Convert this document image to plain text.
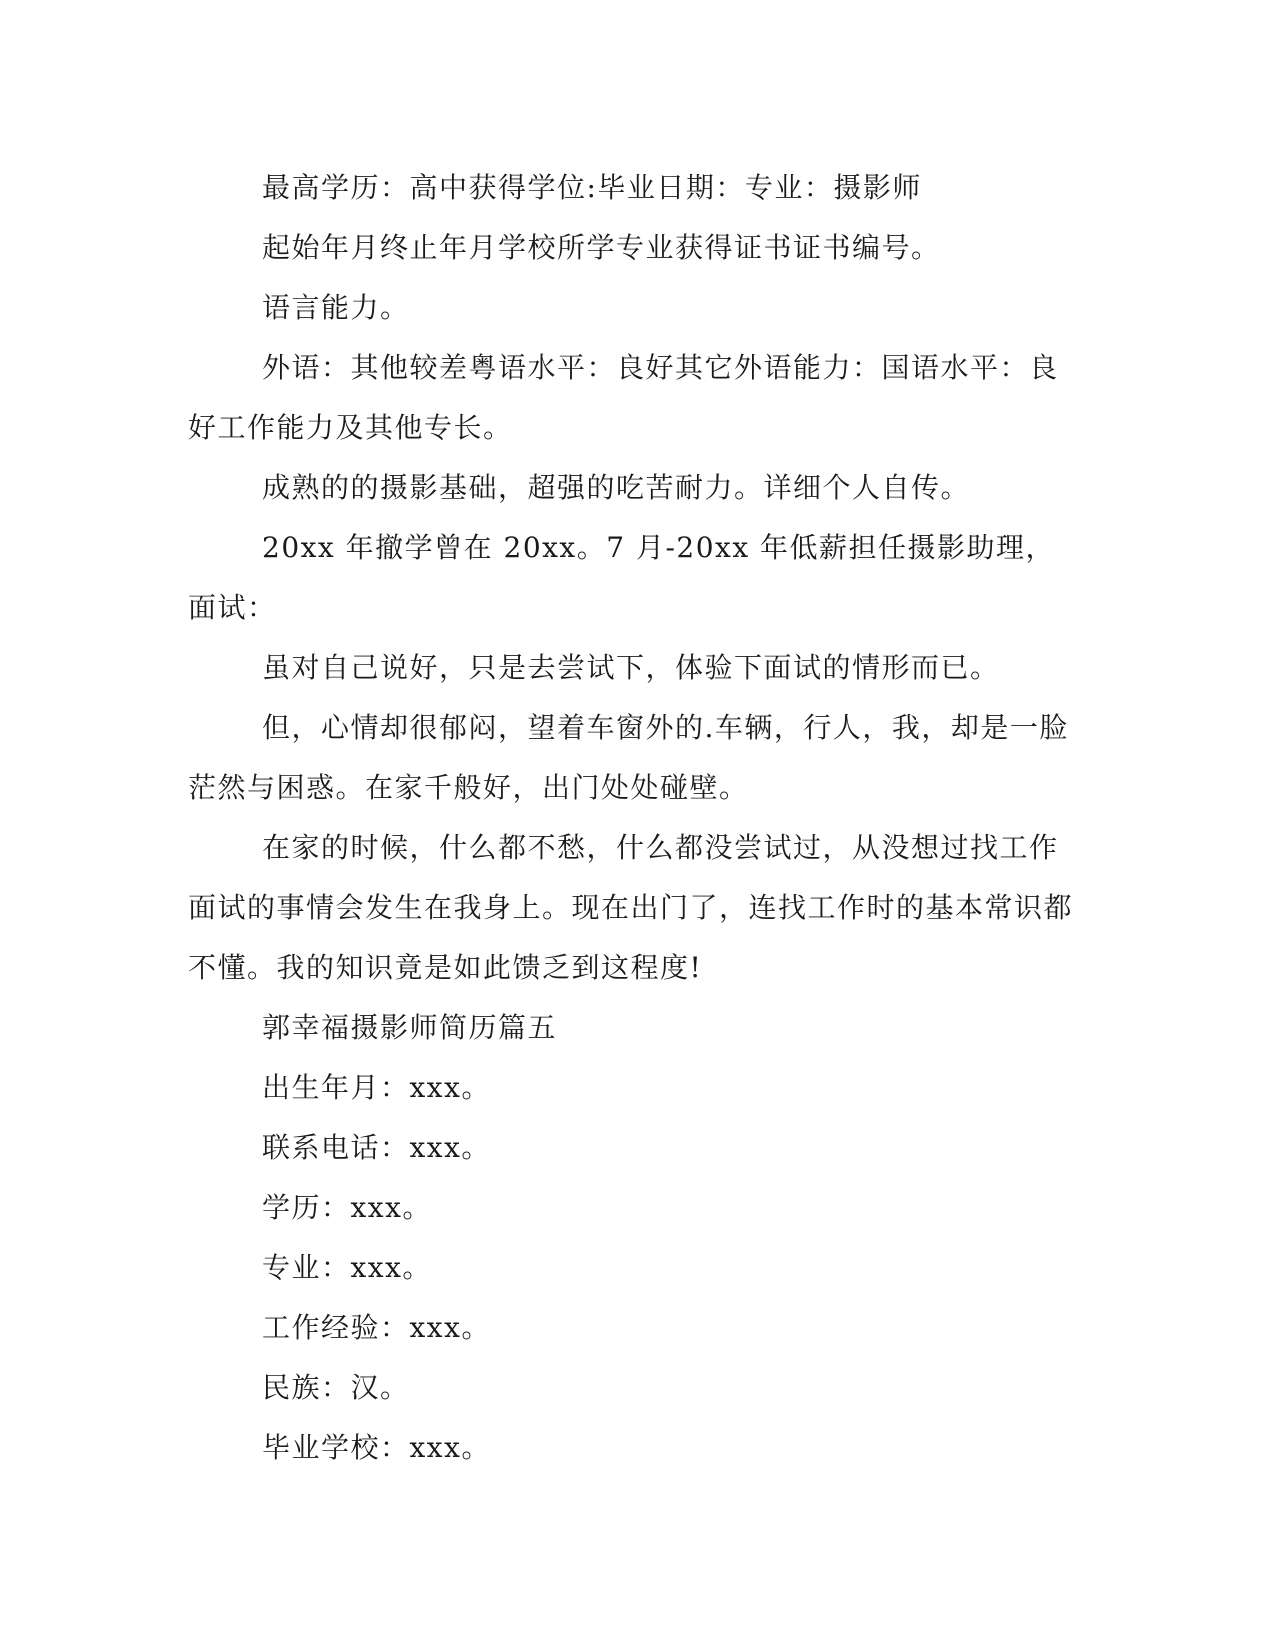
最高学历：高中获得学位:毕业日期：专业：摄影师

起始年月终止年月学校所学专业获得证书证书编号。

语言能力。

外语：其他较差粤语水平：良好其它外语能力：国语水平：良好工作能力及其他专长。

成熟的的摄影基础，超强的吃苦耐力。详细个人自传。

20xx 年撤学曾在 20xx。7 月-20xx 年低薪担任摄影助理，面试：

虽对自己说好，只是去尝试下，体验下面试的情形而已。

但，心情却很郁闷，望着车窗外的.车辆，行人，我，却是一脸茫然与困惑。在家千般好，出门处处碰壁。

在家的时候，什么都不愁，什么都没尝试过，从没想过找工作面试的事情会发生在我身上。现在出门了，连找工作时的基本常识都不懂。我的知识竟是如此馈乏到这程度!

郭幸福摄影师简历篇五

出生年月：xxx。

联系电话：xxx。

学历：xxx。

专业：xxx。

工作经验：xxx。

民族：汉。

毕业学校：xxx。
